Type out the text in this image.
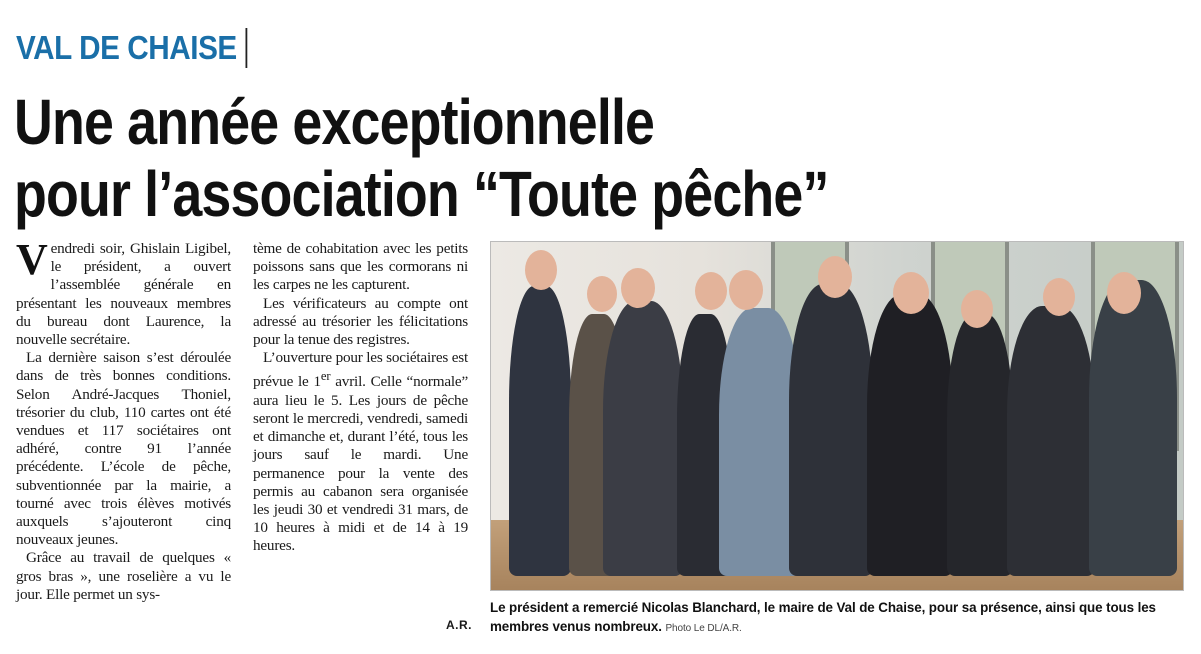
VAL DE CHAISE
Une année exceptionnelle
pour l’association “Toute pêche”

Vendredi soir, Ghislain Ligibel, le président, a ouvert l’assemblée générale en présentant les nouveaux membres du bureau dont Laurence, la nouvelle secrétaire.

La dernière saison s’est déroulée dans de très bonnes conditions. Selon André-Jacques Thoniel, trésorier du club, 110 cartes ont été vendues et 117 sociétaires ont adhéré, contre 91 l’année précédente. L’école de pêche, subventionnée par la mairie, a tourné avec trois élèves motivés auxquels s’ajouteront cinq nouveaux jeunes.

Grâce au travail de quelques « gros bras », une roselière a vu le jour. Elle permet un sys-

tème de cohabitation avec les petits poissons sans que les cormorans ni les carpes ne les capturent.

Les vérificateurs au compte ont adressé au trésorier les félicitations pour la tenue des registres.

L’ouverture pour les sociétaires est prévue le 1er avril. Celle “normale” aura lieu le 5. Les jours de pêche seront le mercredi, vendredi, samedi et dimanche et, durant l’été, tous les jours sauf le mardi. Une permanence pour la vente des permis au cabanon sera organisée les jeudi 30 et vendredi 31 mars, de 10 heures à midi et de 14 à 19 heures.

A.R.
Le président a remercié Nicolas Blanchard, le maire de Val de Chaise, pour sa présence, ainsi que tous les membres venus nombreux. Photo Le DL/A.R.
